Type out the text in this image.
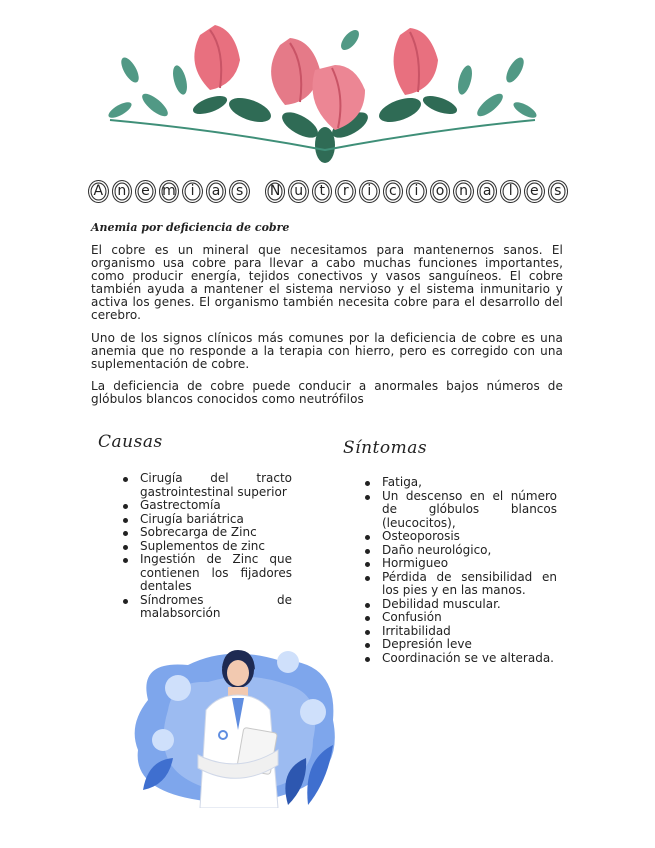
A	n	e m	i	a	s	N u	t	r	i	c	i	o	n	a	l	e	s
Anemia por deficiencia de cobre

El cobre es un mineral que necesitamos para mantenernos sanos. El organismo usa cobre para llevar a cabo muchas funciones importantes, como producir energía, tejidos conectivos y vasos sanguíneos. El cobre también ayuda a mantener el sistema nervioso y el sistema inmunitario y activa los genes. El organismo también necesita cobre para el desarrollo del cerebro.

Uno de los signos clínicos más comunes por la deficiencia de cobre es una anemia que no responde a la terapia con hierro, pero es corregido con una suplementación de cobre.

La deficiencia de cobre puede conducir a anormales bajos números de glóbulos blancos conocidos como neutrófilos

Causas
Cirugía del tracto gastrointestinal superior
Gastrectomía
Cirugía bariátrica
Sobrecarga de Zinc
Suplementos de zinc
Ingestión de Zinc que contienen los fijadores dentales
Síndromes de malabsorción
Síntomas
Fatiga,
Un descenso en el número de glóbulos blancos (leucocitos),
Osteoporosis
Daño neurológico,
Hormigueo
Pérdida de sensibilidad en los pies y en las manos.
Debilidad muscular.
Confusión
Irritabilidad
Depresión leve
Coordinación se ve alterada.
